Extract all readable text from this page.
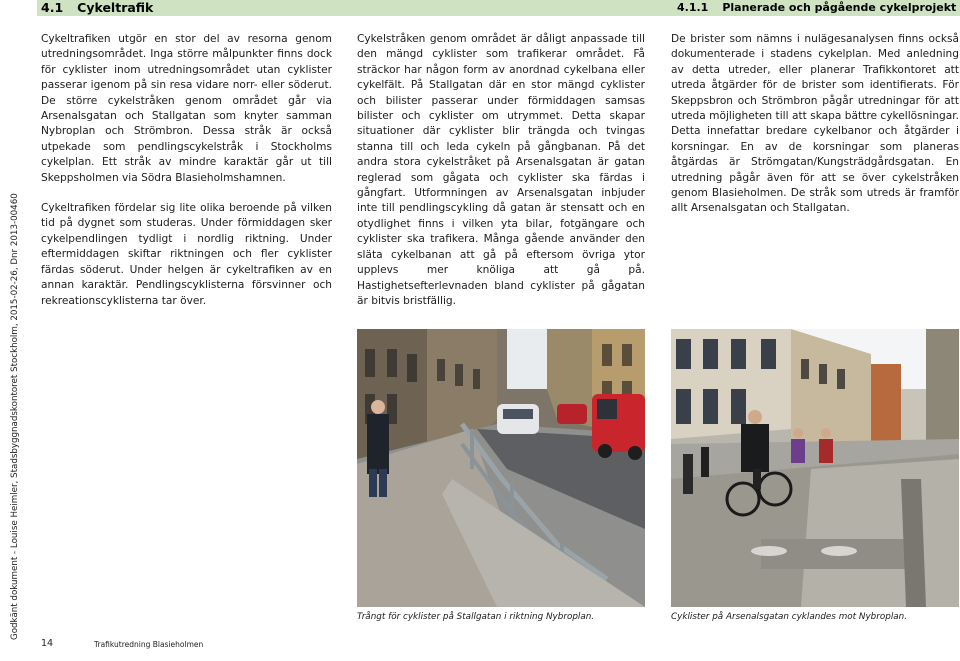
4.1 Cykeltrafik	4.1.1 Planerade och pågående cykelprojekt
Godkänt dokument - Louise Heimler, Stadsbyggnadskontoret Stockholm, 2015-02-26, Dnr 2013-00460

Cykeltrafiken utgör en stor del av resorna genom utredningsområdet. Inga större målpunkter finns dock för cyklister inom utredningsområdet utan cyklister passerar igenom på sin resa vidare norr- eller söderut. De större cykelstråken genom området går via Arsenalsgatan och Stallgatan som knyter samman Nybroplan och Strömbron. Dessa stråk är också utpekade som pendlingscykelstråk i Stockholms cykelplan. Ett stråk av mindre karaktär går ut till Skeppsholmen via Södra Blasieholmshamnen.

Cykeltrafiken fördelar sig lite olika beroende på vilken tid på dygnet som studeras. Under förmiddagen sker cykelpendlingen tydligt i nordlig riktning. Under eftermiddagen skiftar riktningen och fler cyklister färdas söderut. Under helgen är cykeltrafiken av en annan karaktär. Pendlingscyklisterna försvinner och rekreationscyklisterna tar över.

Cykelstråken genom området är dåligt anpassade till den mängd cyklister som trafikerar området. Få sträckor har någon form av anordnad cykelbana eller cykelfält. På Stallgatan där en stor mängd cyklister och bilister passerar under förmiddagen samsas bilister och cyklister om utrymmet. Detta skapar situationer där cyklister blir trängda och tvingas stanna till och leda cykeln på gångbanan. På det andra stora cykelstråket på Arsenalsgatan är gatan reglerad som gågata och cyklister ska färdas i gångfart. Utformningen av Arsenalsgatan inbjuder inte till pendlingscykling då gatan är stensatt och en otydlighet finns i vilken yta bilar, fotgängare och cyklister ska trafikera. Många gående använder den släta cykelbanan att gå på eftersom övriga ytor upplevs mer knöliga att gå på. Hastighetsefterlevnaden bland cyklister på gågatan är bitvis bristfällig.

De brister som nämns i nulägesanalysen finns också dokumenterade i stadens cykelplan. Med anledning av detta utreder, eller planerar Trafikkontoret att utreda åtgärder för de brister som identifierats. För Skeppsbron och Strömbron pågår utredningar för att utreda möjligheten till att skapa bättre cykellösningar. Detta innefattar bredare cykelbanor och åtgärder i korsningar. En av de korsningar som planeras åtgärdas är Strömgatan/Kungsträdgårdsgatan. En utredning pågår även för att se över cykelstråken genom Blasieholmen. De stråk som utreds är framför allt Arsenalsgatan och Stallgatan.

Trångt för cyklister på Stallgatan i riktning Nybroplan.	Cyklister på Arsenalsgatan cyklandes mot Nybroplan.
14	Trafikutredning Blasieholmen
